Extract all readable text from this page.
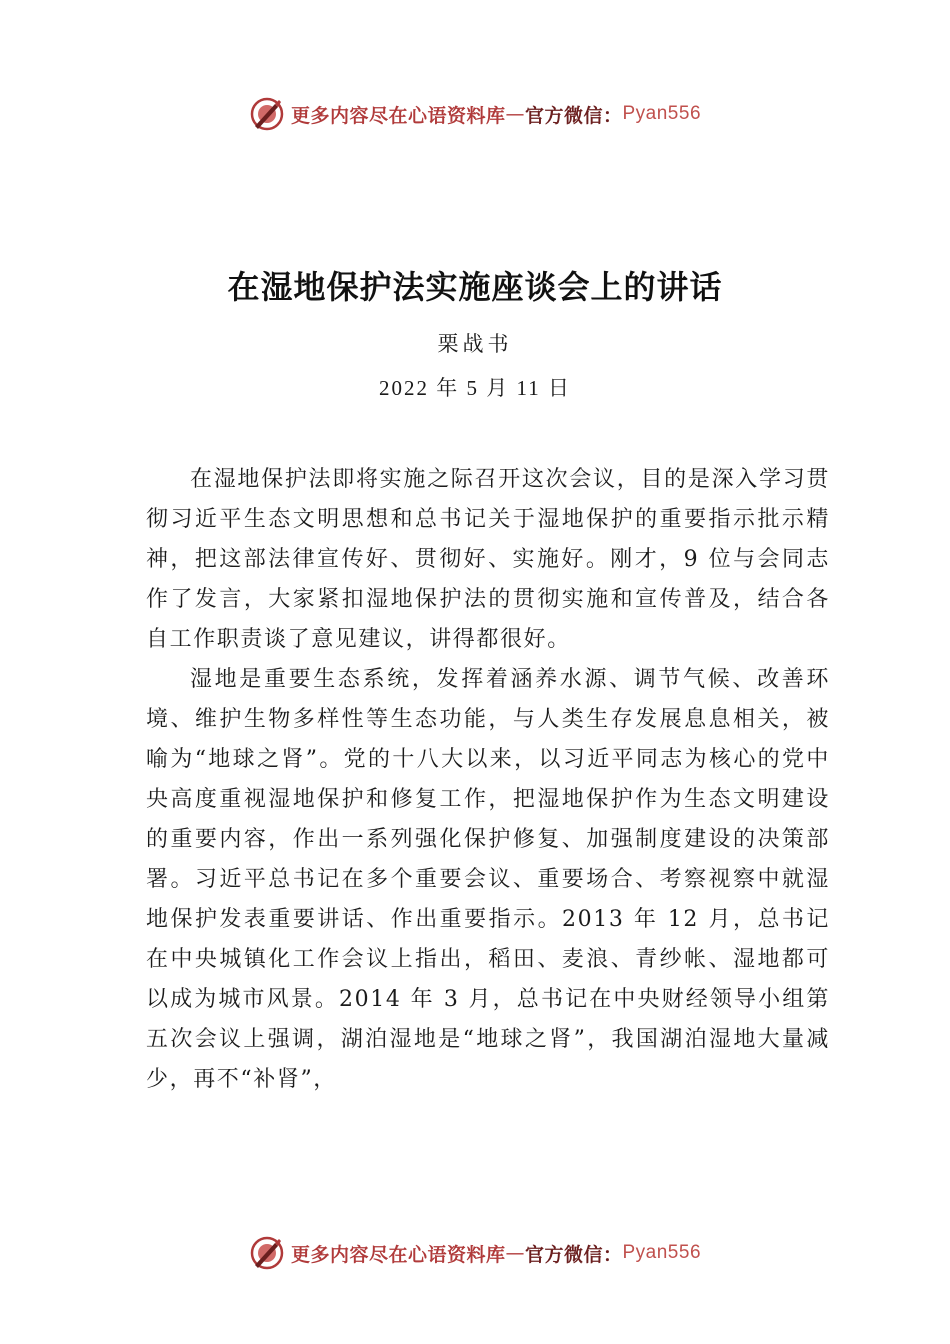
更多内容尽在心语资料库 — 官方微信： Pyan556
在湿地保护法实施座谈会上的讲话
栗战书
2022 年 5 月 11 日

在湿地保护法即将实施之际召开这次会议，目的是深入学习贯彻习近平生态文明思想和总书记关于湿地保护的重要指示批示精神，把这部法律宣传好、贯彻好、实施好。刚才，9 位与会同志作了发言，大家紧扣湿地保护法的贯彻实施和宣传普及，结合各自工作职责谈了意见建议，讲得都很好。

湿地是重要生态系统，发挥着涵养水源、调节气候、改善环境、维护生物多样性等生态功能，与人类生存发展息息相关，被喻为“地球之肾”。党的十八大以来，以习近平同志为核心的党中央高度重视湿地保护和修复工作，把湿地保护作为生态文明建设的重要内容，作出一系列强化保护修复、加强制度建设的决策部署。习近平总书记在多个重要会议、重要场合、考察视察中就湿地保护发表重要讲话、作出重要指示。2013 年 12 月，总书记在中央城镇化工作会议上指出，稻田、麦浪、青纱帐、湿地都可以成为城市风景。2014 年 3 月，总书记在中央财经领导小组第五次会议上强调，湖泊湿地是“地球之肾”，我国湖泊湿地大量减少，再不“补肾”，

更多内容尽在心语资料库 — 官方微信： Pyan556
